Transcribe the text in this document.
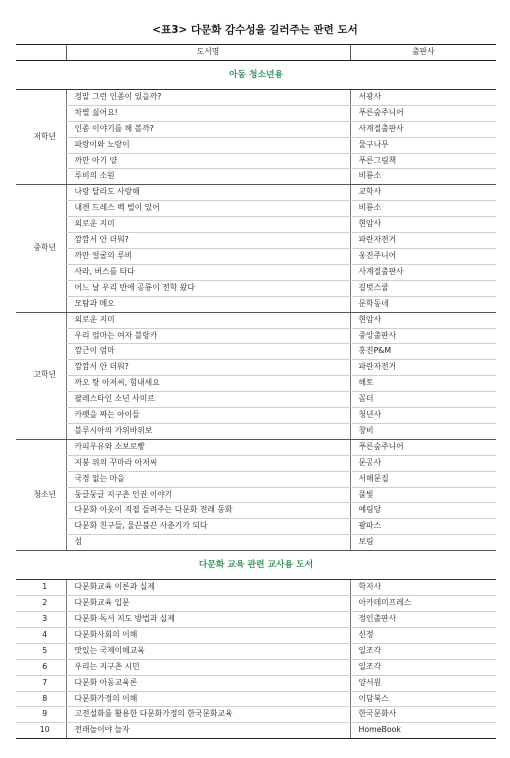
<표3> 다문화 감수성을 길러주는 관련 도서
	도서명	출판사
아동 청소년용		
저학년	정말 그런 인종이 있을까?	서광사
	차별 싫어요!	푸른숲주니어
	인종 이야기를 해 볼까?	사계절출판사
	파랑이와 노랑이	물구나무
	까만 아기 양	푸른그림책
	루비의 소원	비룡소
중학년	나랑 달라도 사랑해	교학사
	내겐 드레스 백 벌이 있어	비룡소
	외로운 지미	현암사
	깜깜서 안 더워?	파란자전거
	까만 얼굴의 루비	웅진주니어
	사라, 버스를 타다	사계절출판사
	어느 날 우리 반에 공룡이 전학 왔다	길벗스쿨
	모탐과 메오	문학동네
고학년	외로운 지미	현암사
	우리 엄마는 여자 블랑카	중앙출판사
	깜근이 엄마	홍진P&M
	깜깜서 안 더워?	파란자전거
	까오 탕 아저씨, 힘내세요	해토
	팔레스타인 소년 사미르	꼼더
	카펫을 짜는 아이들	청년사
	블루시아의 가위바위보	창비
청소년	카피우유와 소보로빵	푸른숲주니어
	지붕 위의 꾸마라 아저씨	문공사
	국경 없는 마을	서해문집
	둥글둥글 지구촌 인권 이야기	풀빛
	다문화 이웃이 직접 들려주는 다문화 전래 동화	예림당
	다문화 친구들, 울끈불끈 사춘기가 되다	팜파스
	섬	보림
다문화 교육 관련 교사용 도서		
1	다문화교육 이론과 실제	학지사
2	다문화교육 입문	아카데미프레스
3	다문화 독서 지도 방법과 실제	정인출판사
4	다문화사회의 이해	신정
5	맛있는 국제이해교육	일조각
6	우리는 지구촌 시민	일조각
7	다문화 아동교육론	양서원
8	다문화가정의 이해	이담북스
9	고전설화를 활용한 다문화가정의 한국문화교육	한국문화사
10	전래놀이야 놀자	HomeBook
